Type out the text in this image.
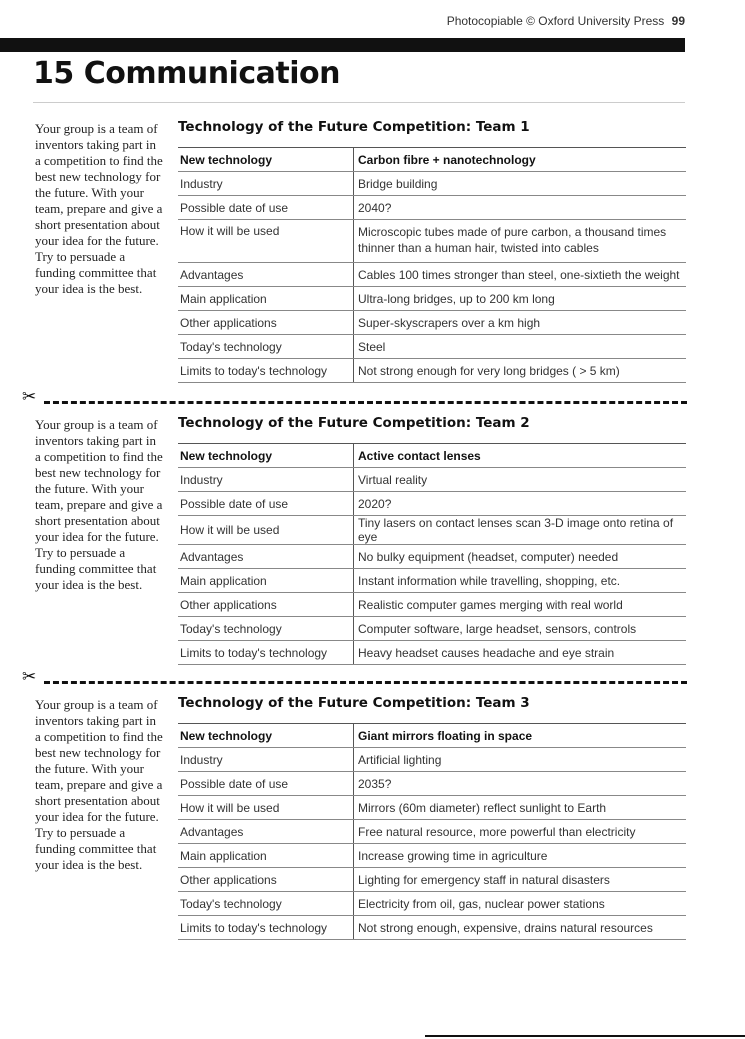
Photocopiable © Oxford University Press 99
15 Communication

Your group is a team of inventors taking part in a competition to find the best new technology for the future. With your team, prepare and give a short presentation about your idea for the future. Try to persuade a funding committee that your idea is the best.

Technology of the Future Competition: Team 1
New technology	Carbon fibre + nanotechnology
Industry	Bridge building
Possible date of use	2040?
How it will be used	Microscopic tubes made of pure carbon, a thousand times thinner than a human hair, twisted into cables
Advantages	Cables 100 times stronger than steel, one-sixtieth the weight
Main application	Ultra-long bridges, up to 200 km long
Other applications	Super-skyscrapers over a km high
Today's technology	Steel
Limits to today's technology	Not strong enough for very long bridges ( > 5 km)
✂

Your group is a team of inventors taking part in a competition to find the best new technology for the future. With your team, prepare and give a short presentation about your idea for the future. Try to persuade a funding committee that your idea is the best.

Technology of the Future Competition: Team 2
New technology	Active contact lenses
Industry	Virtual reality
Possible date of use	2020?
How it will be used	Tiny lasers on contact lenses scan 3-D image onto retina of eye
Advantages	No bulky equipment (headset, computer) needed
Main application	Instant information while travelling, shopping, etc.
Other applications	Realistic computer games merging with real world
Today's technology	Computer software, large headset, sensors, controls
Limits to today's technology	Heavy headset causes headache and eye strain
✂

Your group is a team of inventors taking part in a competition to find the best new technology for the future. With your team, prepare and give a short presentation about your idea for the future. Try to persuade a funding committee that your idea is the best.

Technology of the Future Competition: Team 3
New technology	Giant mirrors floating in space
Industry	Artificial lighting
Possible date of use	2035?
How it will be used	Mirrors (60m diameter) reflect sunlight to Earth
Advantages	Free natural resource, more powerful than electricity
Main application	Increase growing time in agriculture
Other applications	Lighting for emergency staff in natural disasters
Today's technology	Electricity from oil, gas, nuclear power stations
Limits to today's technology	Not strong enough, expensive, drains natural resources
